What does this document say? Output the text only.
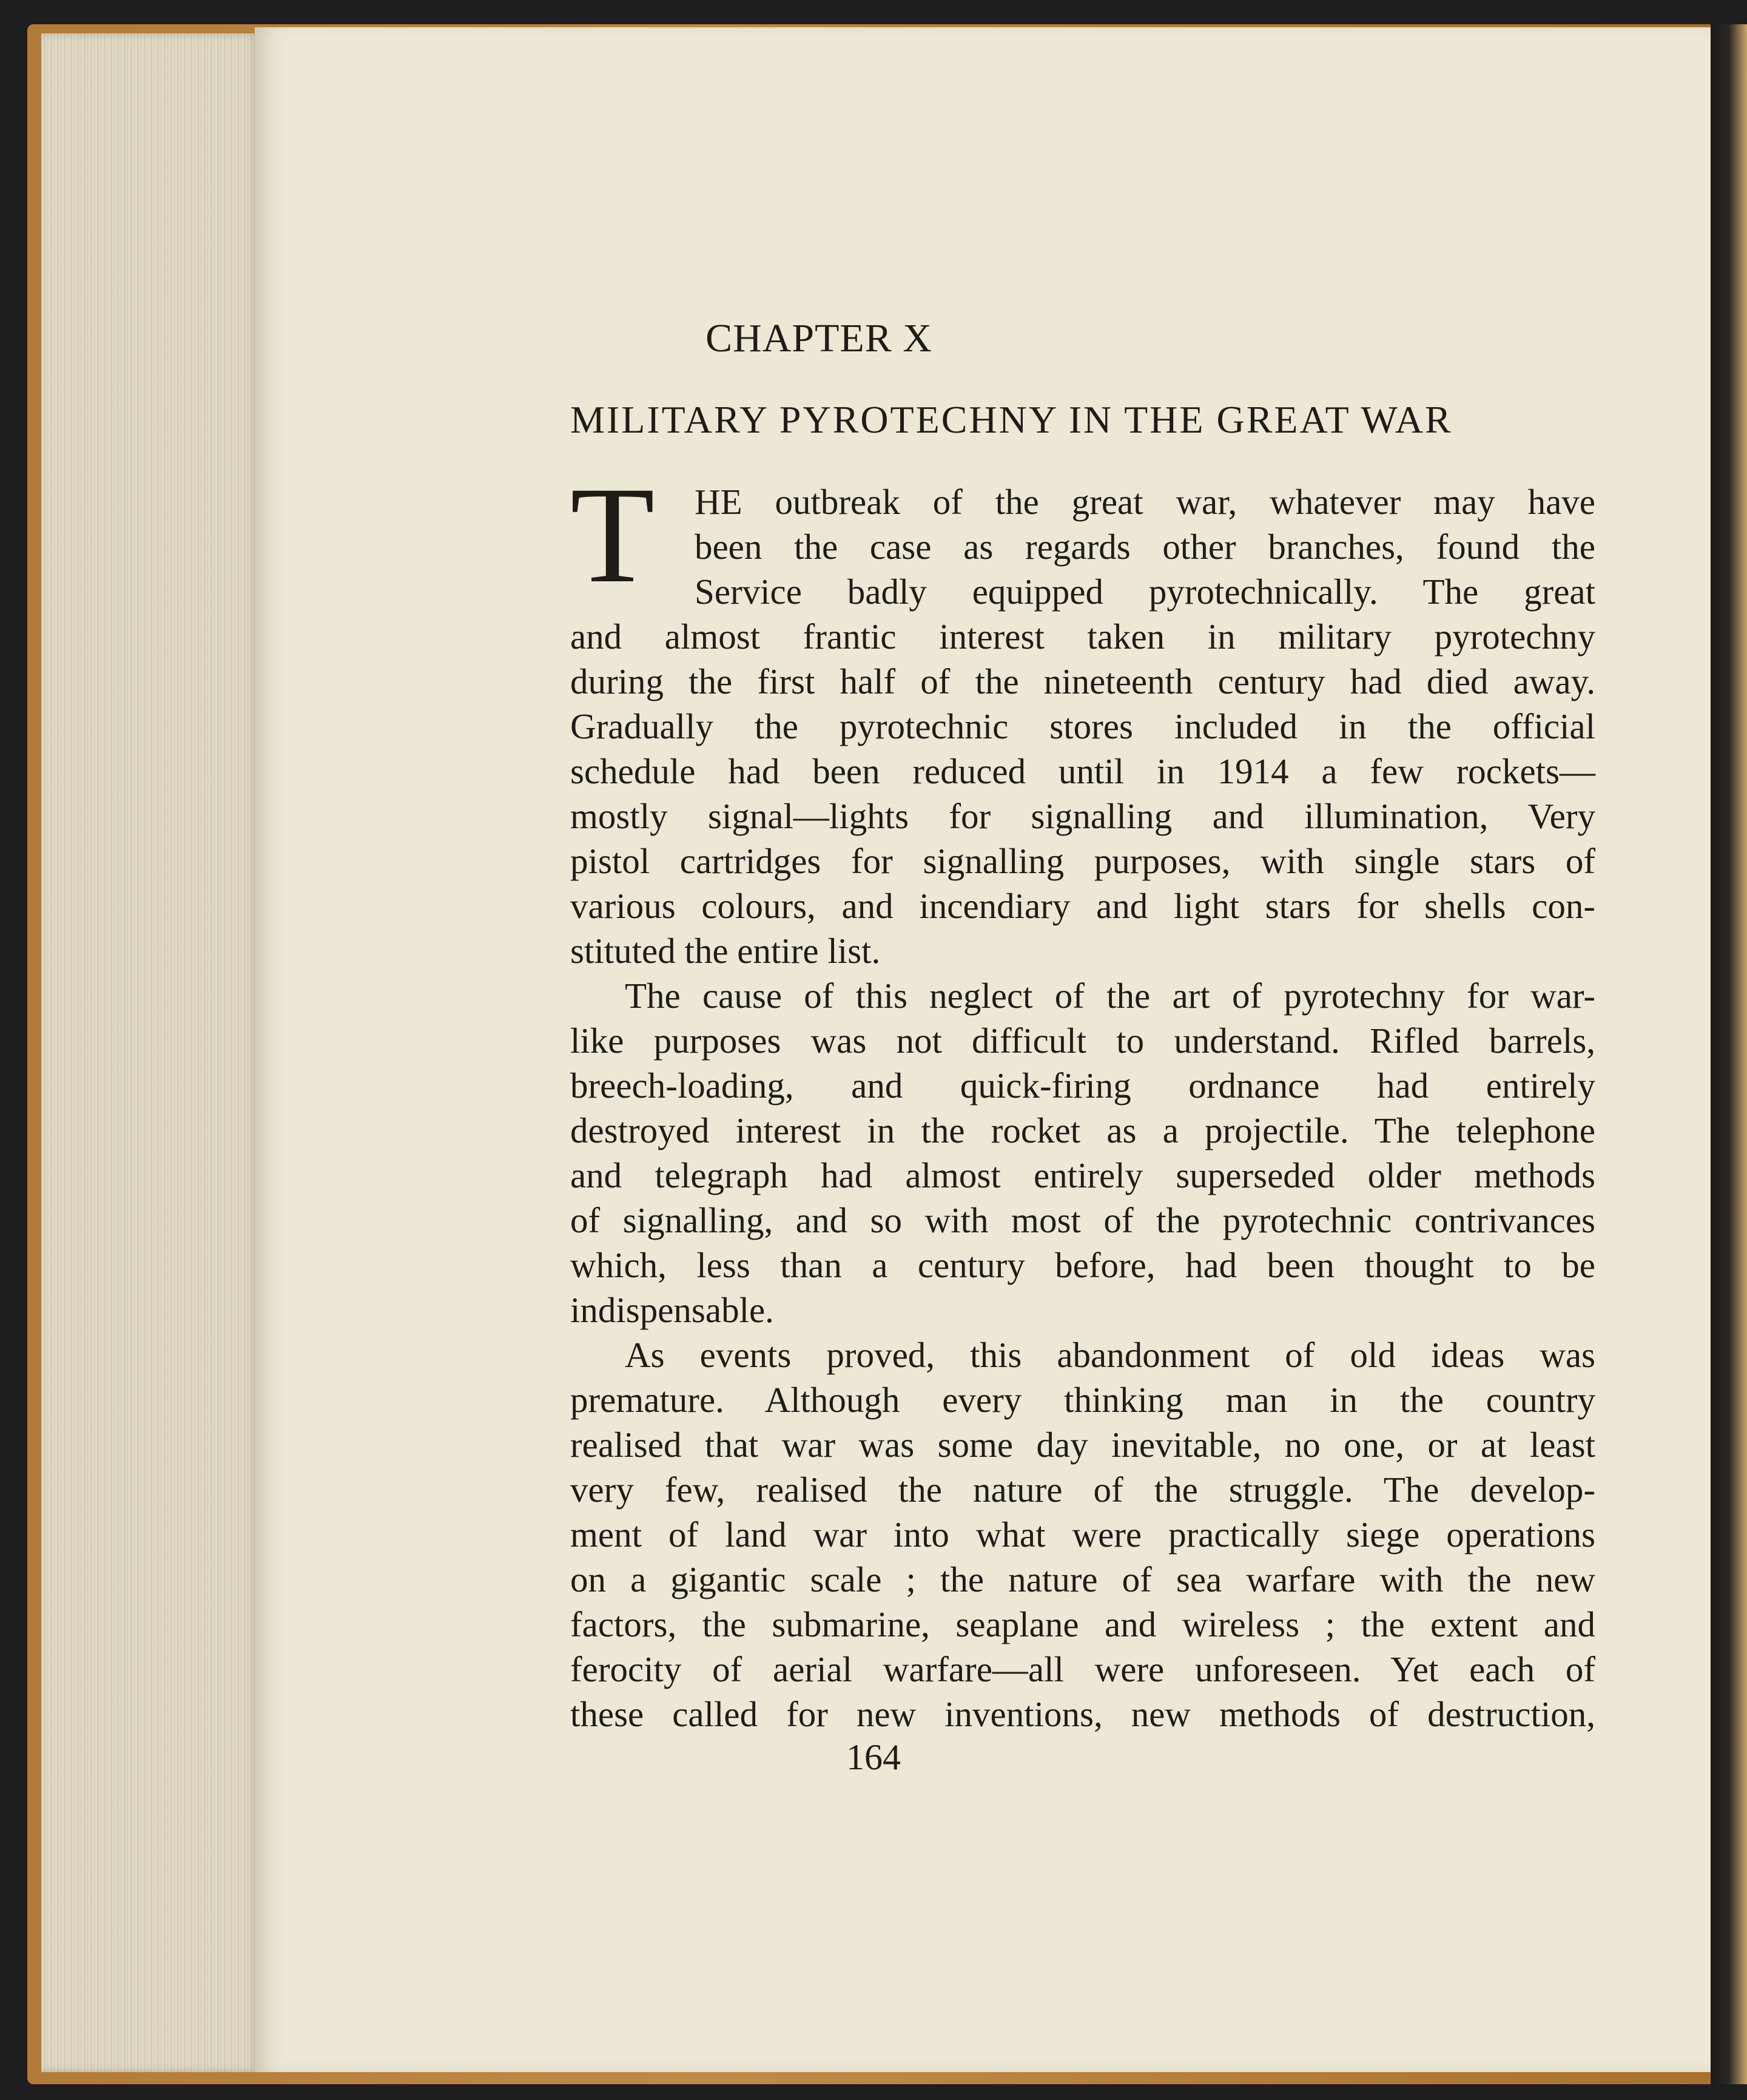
CHAPTER X
MILITARY PYROTECHNY IN THE GREAT WAR
T	HE outbreak of the great war, whatever may have
been the case as regards other branches, found the
Service badly equipped pyrotechnically. The great
and almost frantic interest taken in military pyrotechny
during the first half of the nineteenth century had died away.
Gradually the pyrotechnic stores included in the official
schedule had been reduced until in 1914 a few rockets—
mostly signal—lights for signalling and illumination, Very
pistol cartridges for signalling purposes, with single stars of
various colours, and incendiary and light stars for shells con-
stituted the entire list.
The cause of this neglect of the art of pyrotechny for war-
like purposes was not difficult to understand. Rifled barrels,
breech-loading, and quick-firing ordnance had entirely
destroyed interest in the rocket as a projectile. The telephone
and telegraph had almost entirely superseded older methods
of signalling, and so with most of the pyrotechnic contrivances
which, less than a century before, had been thought to be
indispensable.
As events proved, this abandonment of old ideas was
premature. Although every thinking man in the country
realised that war was some day inevitable, no one, or at least
very few, realised the nature of the struggle. The develop-
ment of land war into what were practically siege operations
on a gigantic scale ; the nature of sea warfare with the new
factors, the submarine, seaplane and wireless ; the extent and
ferocity of aerial warfare—all were unforeseen. Yet each of
these called for new inventions, new methods of destruction,
164
